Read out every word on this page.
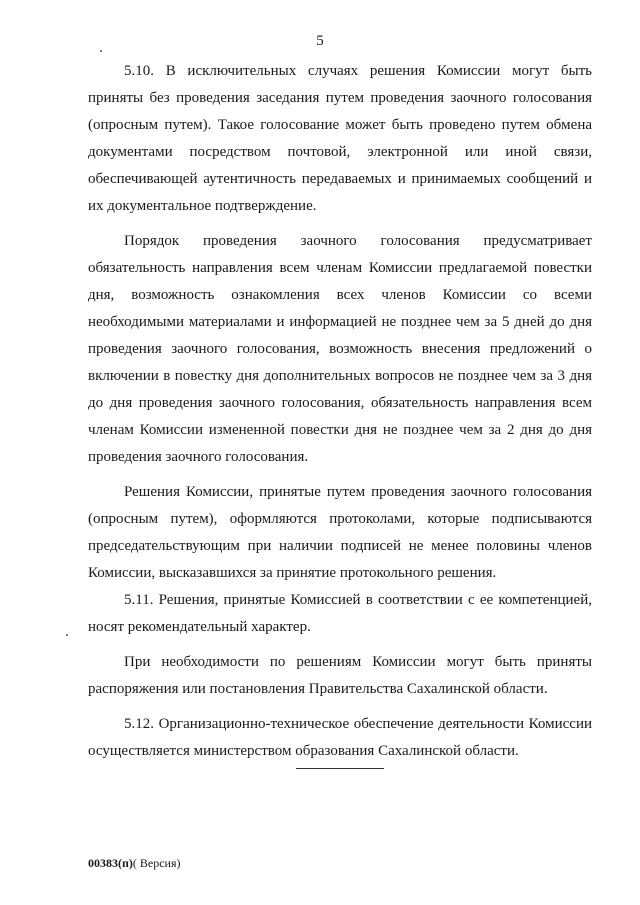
5

5.10. В исключительных случаях решения Комиссии могут быть приняты без проведения заседания путем проведения заочного голосования (опросным путем). Такое голосование может быть проведено путем обмена документами посредством почтовой, электронной или иной связи, обеспечивающей аутентичность передаваемых и принимаемых сообщений и их документальное подтверждение.

Порядок проведения заочного голосования предусматривает обязательность направления всем членам Комиссии предлагаемой повестки дня, возможность ознакомления всех членов Комиссии со всеми необходимыми материалами и информацией не позднее чем за 5 дней до дня проведения заочного голосования, возможность внесения предложений о включении в повестку дня дополнительных вопросов не позднее чем за 3 дня до дня проведения заочного голосования, обязательность направления всем членам Комиссии измененной повестки дня не позднее чем за 2 дня до дня проведения заочного голосования.

Решения Комиссии, принятые путем проведения заочного голосования (опросным путем), оформляются протоколами, которые подписываются председательствующим при наличии подписей не менее половины членов Комиссии, высказавшихся за принятие протокольного решения.

5.11. Решения, принятые Комиссией в соответствии с ее компетенцией, носят рекомендательный характер.

При необходимости по решениям Комиссии могут быть приняты распоряжения или постановления Правительства Сахалинской области.

5.12. Организационно-техническое обеспечение деятельности Комиссии осуществляется министерством образования Сахалинской области.

00383(п)( Версия)
